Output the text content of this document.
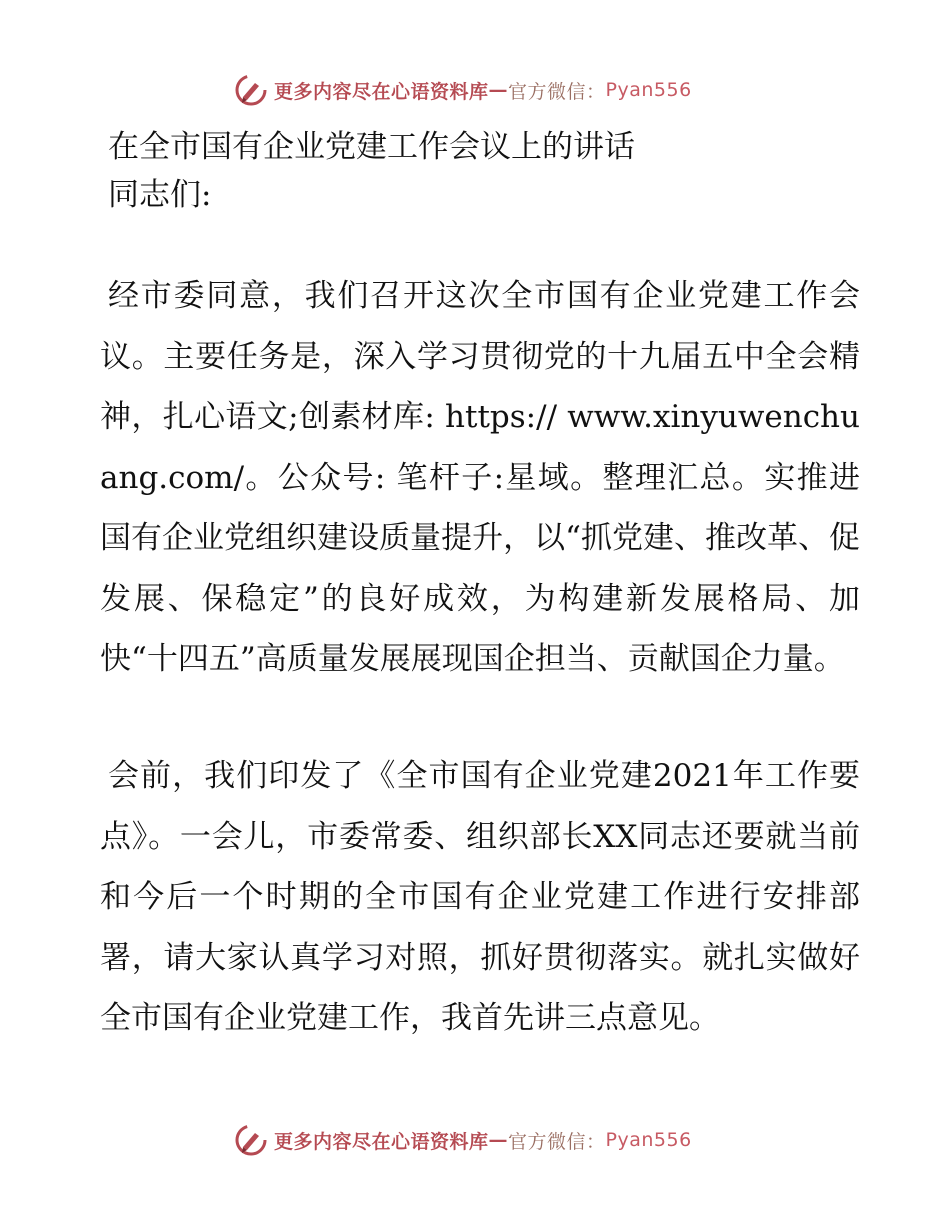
更多内容尽在心语资料库 — 官方微信： Pyan556
在全市国有企业党建工作会议上的讲话
同志们:
经市委同意，我们召开这次全市国有企业党建工作会议。主要任务是，深入学习贯彻党的十九届五中全会精神，扎心语文;创素材库: https:// www.xinyuwenchuang.com/。公众号: 笔杆子:星域。整理汇总。实推进国有企业党组织建设质量提升，以“抓党建、推改革、促发展、保稳定”的良好成效，为构建新发展格局、加快“十四五”高质量发展展现国企担当、贡献国企力量。
会前，我们印发了《全市国有企业党建2021年工作要点》。一会儿，市委常委、组织部长XX同志还要就当前和今后一个时期的全市国有企业党建工作进行安排部署，请大家认真学习对照，抓好贯彻落实。就扎实做好全市国有企业党建工作，我首先讲三点意见。
更多内容尽在心语资料库 — 官方微信： Pyan556
